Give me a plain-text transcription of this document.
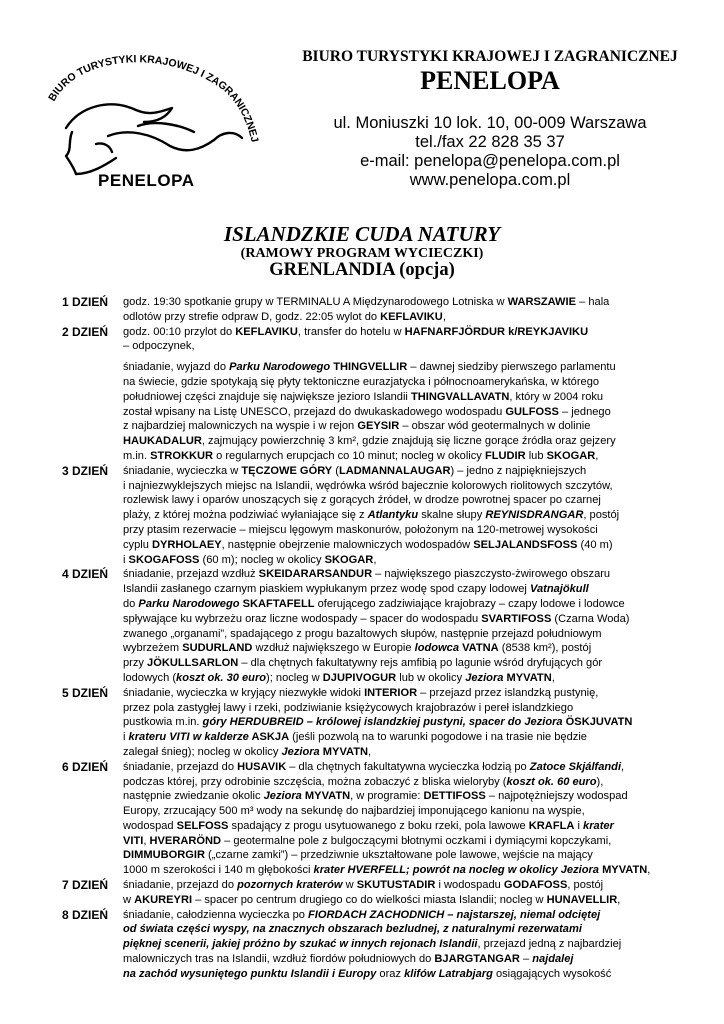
BIURO TURYSTYKI KRAJOWEJ I ZAGRANICZNEJ
PENELOPA
BIURO TURYSTYKI KRAJOWEJ I ZAGRANICZNEJ
PENELOPA
ul. Moniuszki 10 lok. 10, 00-009 Warszawa
tel./fax 22 828 35 37
e-mail: penelopa@penelopa.com.pl
www.penelopa.com.pl
ISLANDZKIE CUDA NATURY
(RAMOWY PROGRAM WYCIECZKI)
GRENLANDIA (opcja)
1 DZIEŃ godz. 19:30 spotkanie grupy w TERMINALU A Międzynarodowego Lotniska w WARSZAWIE – hala
odlotów przy strefie odpraw D, godz. 22:05 wylot do KEFLAVIKU,
2 DZIEŃ godz. 00:10 przylot do KEFLAVIKU, transfer do hotelu w HAFNARFJÖRDUR k/REYKJAVIKU
– odpoczynek,
śniadanie, wyjazd do Parku Narodowego THINGVELLIR – dawnej siedziby pierwszego parlamentu
na świecie, gdzie spotykają się płyty tektoniczne eurazjatycka i północnoamerykańska, w którego
południowej części znajduje się największe jezioro Islandii THINGVALLAVATN, który w 2004 roku
został wpisany na Listę UNESCO, przejazd do dwukaskadowego wodospadu GULFOSS – jednego
z najbardziej malowniczych na wyspie i w rejon GEYSIR – obszar wód geotermalnych w dolinie
HAUKADALUR, zajmujący powierzchnię 3 km², gdzie znajdują się liczne gorące źródła oraz gejzery
m.in. STROKKUR o regularnych erupcjach co 10 minut; nocleg w okolicy FLUDIR lub SKOGAR,
3 DZIEŃ śniadanie, wycieczka w TĘCZOWE GÓRY (LADMANNALAUGAR) – jedno z najpiękniejszych
i najniezwyklejszych miejsc na Islandii, wędrówka wśród bajecznie kolorowych riolitowych szczytów,
rozlewisk lawy i oparów unoszących się z gorących źródeł, w drodze powrotnej spacer po czarnej
plaży, z której można podziwiać wyłaniające się z Atlantyku skalne słupy REYNISDRANGAR, postój
przy ptasim rezerwacie – miejscu lęgowym maskonurów, położonym na 120-metrowej wysokości
cyplu DYRHOLAEY, następnie obejrzenie malowniczych wodospadów SELJALANDSFOSS (40 m)
i SKOGAFOSS (60 m); nocleg w okolicy SKOGAR,
4 DZIEŃ śniadanie, przejazd wzdłuż SKEIDARARSANDUR – największego piaszczysto-żwirowego obszaru
Islandii zasłanego czarnym piaskiem wypłukanym przez wodę spod czapy lodowej Vatnajökull
do Parku Narodowego SKAFTAFELL oferującego zadziwiające krajobrazy – czapy lodowe i lodowce
spływające ku wybrzeżu oraz liczne wodospady – spacer do wodospadu SVARTIFOSS (Czarna Woda)
zwanego „organami”, spadającego z progu bazaltowych słupów, następnie przejazd południowym
wybrzeżem SUDURLAND wzdłuż największego w Europie lodowca VATNA (8538 km²), postój
przy JÖKULLSARLON – dla chętnych fakultatywny rejs amfibią po lagunie wśród dryfujących gór
lodowych (koszt ok. 30 euro); nocleg w DJUPIVOGUR lub w okolicy Jeziora MYVATN,
5 DZIEŃ śniadanie, wycieczka w kryjący niezwykłe widoki INTERIOR – przejazd przez islandzką pustynię,
przez pola zastygłej lawy i rzeki, podziwianie księżycowych krajobrazów i pereł islandzkiego
pustkowia m.in. góry HERDUBREID – królowej islandzkiej pustyni, spacer do Jeziora ÖSKJUVATN
i krateru VITI w kalderze ASKJA (jeśli pozwolą na to warunki pogodowe i na trasie nie będzie
zalegał śnieg); nocleg w okolicy Jeziora MYVATN,
6 DZIEŃ śniadanie, przejazd do HUSAVIK – dla chętnych fakultatywna wycieczka łodzią po Zatoce Skjálfandi,
podczas której, przy odrobinie szczęścia, można zobaczyć z bliska wieloryby (koszt ok. 60 euro),
następnie zwiedzanie okolic Jeziora MYVATN, w programie: DETTIFOSS – najpotężniejszy wodospad
Europy, zrzucający 500 m³ wody na sekundę do najbardziej imponującego kanionu na wyspie,
wodospad SELFOSS spadający z progu usytuowanego z boku rzeki, pola lawowe KRAFLA i krater
VITI, HVERARÖND – geotermalne pole z bulgoczącymi błotnymi oczkami i dymiącymi kopczykami,
DIMMUBORGIR („czarne zamki”) – przedziwnie ukształtowane pole lawowe, wejście na mający
1000 m szerokości i 140 m głębokości krater HVERFELL; powrót na nocleg w okolicy Jeziora MYVATN,
7 DZIEŃ śniadanie, przejazd do pozornych kraterów w SKUTUSTADIR i wodospadu GODAFOSS, postój
w AKUREYRI – spacer po centrum drugiego co do wielkości miasta Islandii; nocleg w HUNAVELLIR,
8 DZIEŃ śniadanie, całodzienna wycieczka po FIORDACH ZACHODNICH – najstarszej, niemal odciętej
od świata części wyspy, na znacznych obszarach bezludnej, z naturalnymi rezerwatami
pięknej scenerii, jakiej próżno by szukać w innych rejonach Islandii, przejazd jedną z najbardziej
malowniczych tras na Islandii, wzdłuż fiordów południowych do BJARGTANGAR – najdalej
na zachód wysuniętego punktu Islandii i Europy oraz klifów Latrabjarg osiągających wysokość
